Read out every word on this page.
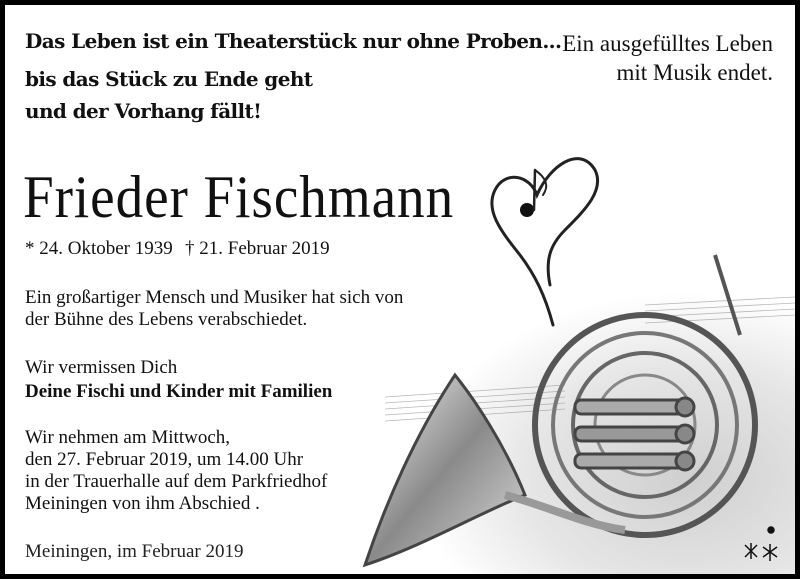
Das Leben ist ein Theaterstück nur ohne Proben...
bis das Stück zu Ende geht
und der Vorhang fällt!
Ein ausgefülltes Leben
mit Musik endet.
Frieder Fischmann
* 24. Oktober 1939 † 21. Februar 2019
Ein großartiger Mensch und Musiker hat sich von
der Bühne des Lebens verabschiedet.
Wir vermissen Dich
Deine Fischi und Kinder mit Familien
Wir nehmen am Mittwoch,
den 27. Februar 2019, um 14.00 Uhr
in der Trauerhalle auf dem Parkfriedhof
Meiningen von ihm Abschied .
Meiningen, im Februar 2019
